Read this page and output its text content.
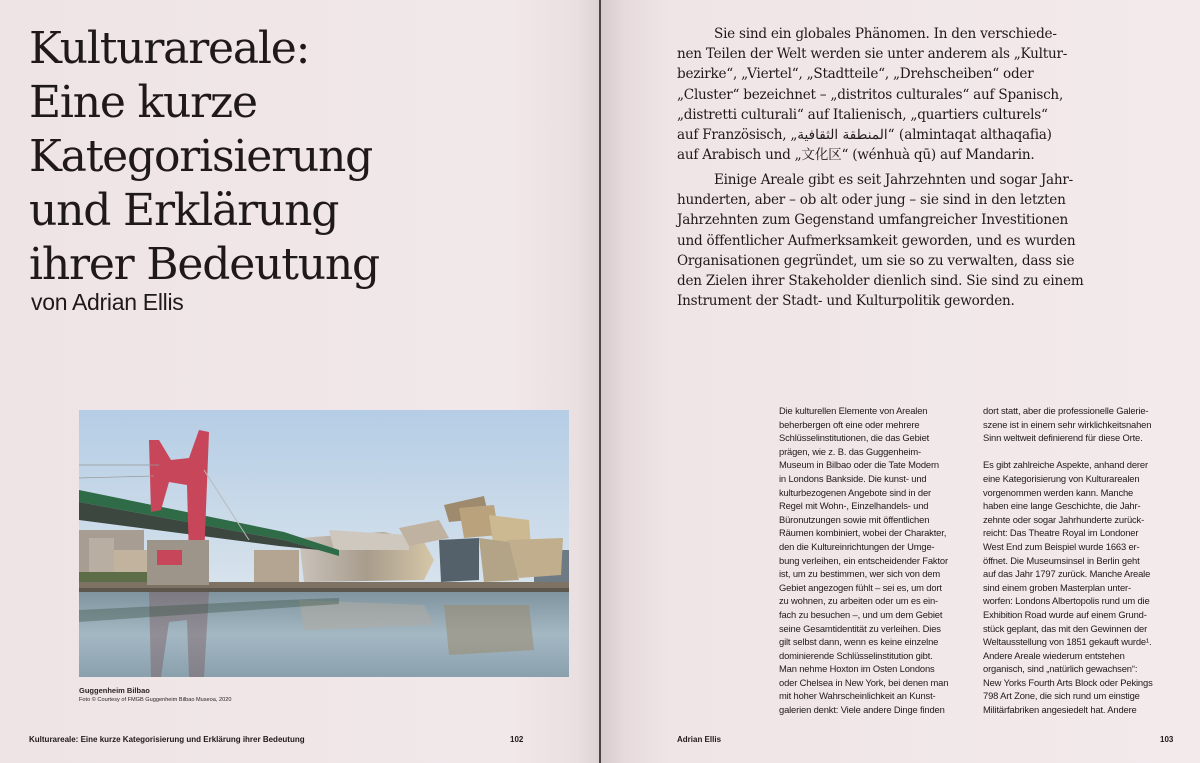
Kulturareale:
Eine kurze
Kategorisierung
und Erklärung
ihrer Bedeutung
von Adrian Ellis
Guggenheim Bilbao
Foto © Courtesy of FMGB Guggenheim Bilbao Museoa, 2020
Kulturareale: Eine kurze Kategorisierung und Erklärung ihrer Bedeutung	102
Sie sind ein globales Phänomen. In den verschiede-
nen Teilen der Welt werden sie unter anderem als „Kultur-
bezirke“, „Viertel“, „Stadtteile“, „Drehscheiben“ oder
„Cluster“ bezeichnet – „distritos culturales“ auf Spanisch,
„distretti culturali“ auf Italienisch, „quartiers culturels“
auf Französisch, „المنطقة الثقافية“ (almintaqat althaqafia)
auf Arabisch und „文化区“ (wénhuà qū) auf Mandarin.
Einige Areale gibt es seit Jahrzehnten und sogar Jahr-
hunderten, aber – ob alt oder jung – sie sind in den letzten
Jahrzehnten zum Gegenstand umfangreicher Investitionen
und öffentlicher Aufmerksamkeit geworden, und es wurden
Organisationen gegründet, um sie so zu verwalten, dass sie
den Zielen ihrer Stakeholder dienlich sind. Sie sind zu einem
Instrument der Stadt- und Kulturpolitik geworden.
Die kulturellen Elemente von Arealen
beherbergen oft eine oder mehrere
Schlüsselinstitutionen, die das Gebiet
prägen, wie z. B. das Guggenheim-
Museum in Bilbao oder die Tate Modern
in Londons Bankside. Die kunst- und
kulturbezogenen Angebote sind in der
Regel mit Wohn-, Einzelhandels- und
Büronutzungen sowie mit öffentlichen
Räumen kombiniert, wobei der Charakter,
den die Kultureinrichtungen der Umge-
bung verleihen, ein entscheidender Faktor
ist, um zu bestimmen, wer sich von dem
Gebiet angezogen fühlt – sei es, um dort
zu wohnen, zu arbeiten oder um es ein-
fach zu besuchen –, und um dem Gebiet
seine Gesamtidentität zu verleihen. Dies
gilt selbst dann, wenn es keine einzelne
dominierende Schlüsselinstitution gibt.
Man nehme Hoxton im Osten Londons
oder Chelsea in New York, bei denen man
mit hoher Wahrscheinlichkeit an Kunst-
galerien denkt: Viele andere Dinge finden
dort statt, aber die professionelle Galerie-
szene ist in einem sehr wirklichkeitsnahen
Sinn weltweit definierend für diese Orte.
Es gibt zahlreiche Aspekte, anhand derer
eine Kategorisierung von Kulturarealen
vorgenommen werden kann. Manche
haben eine lange Geschichte, die Jahr-
zehnte oder sogar Jahrhunderte zurück-
reicht: Das Theatre Royal im Londoner
West End zum Beispiel wurde 1663 er-
öffnet. Die Museumsinsel in Berlin geht
auf das Jahr 1797 zurück. Manche Areale
sind einem groben Masterplan unter-
worfen: Londons Albertopolis rund um die
Exhibition Road wurde auf einem Grund-
stück geplant, das mit den Gewinnen der
Weltausstellung von 1851 gekauft wurde¹.
Andere Areale wiederum entstehen
organisch, sind „natürlich gewachsen“:
New Yorks Fourth Arts Block oder Pekings
798 Art Zone, die sich rund um einstige
Militärfabriken angesiedelt hat. Andere
Adrian Ellis	103
